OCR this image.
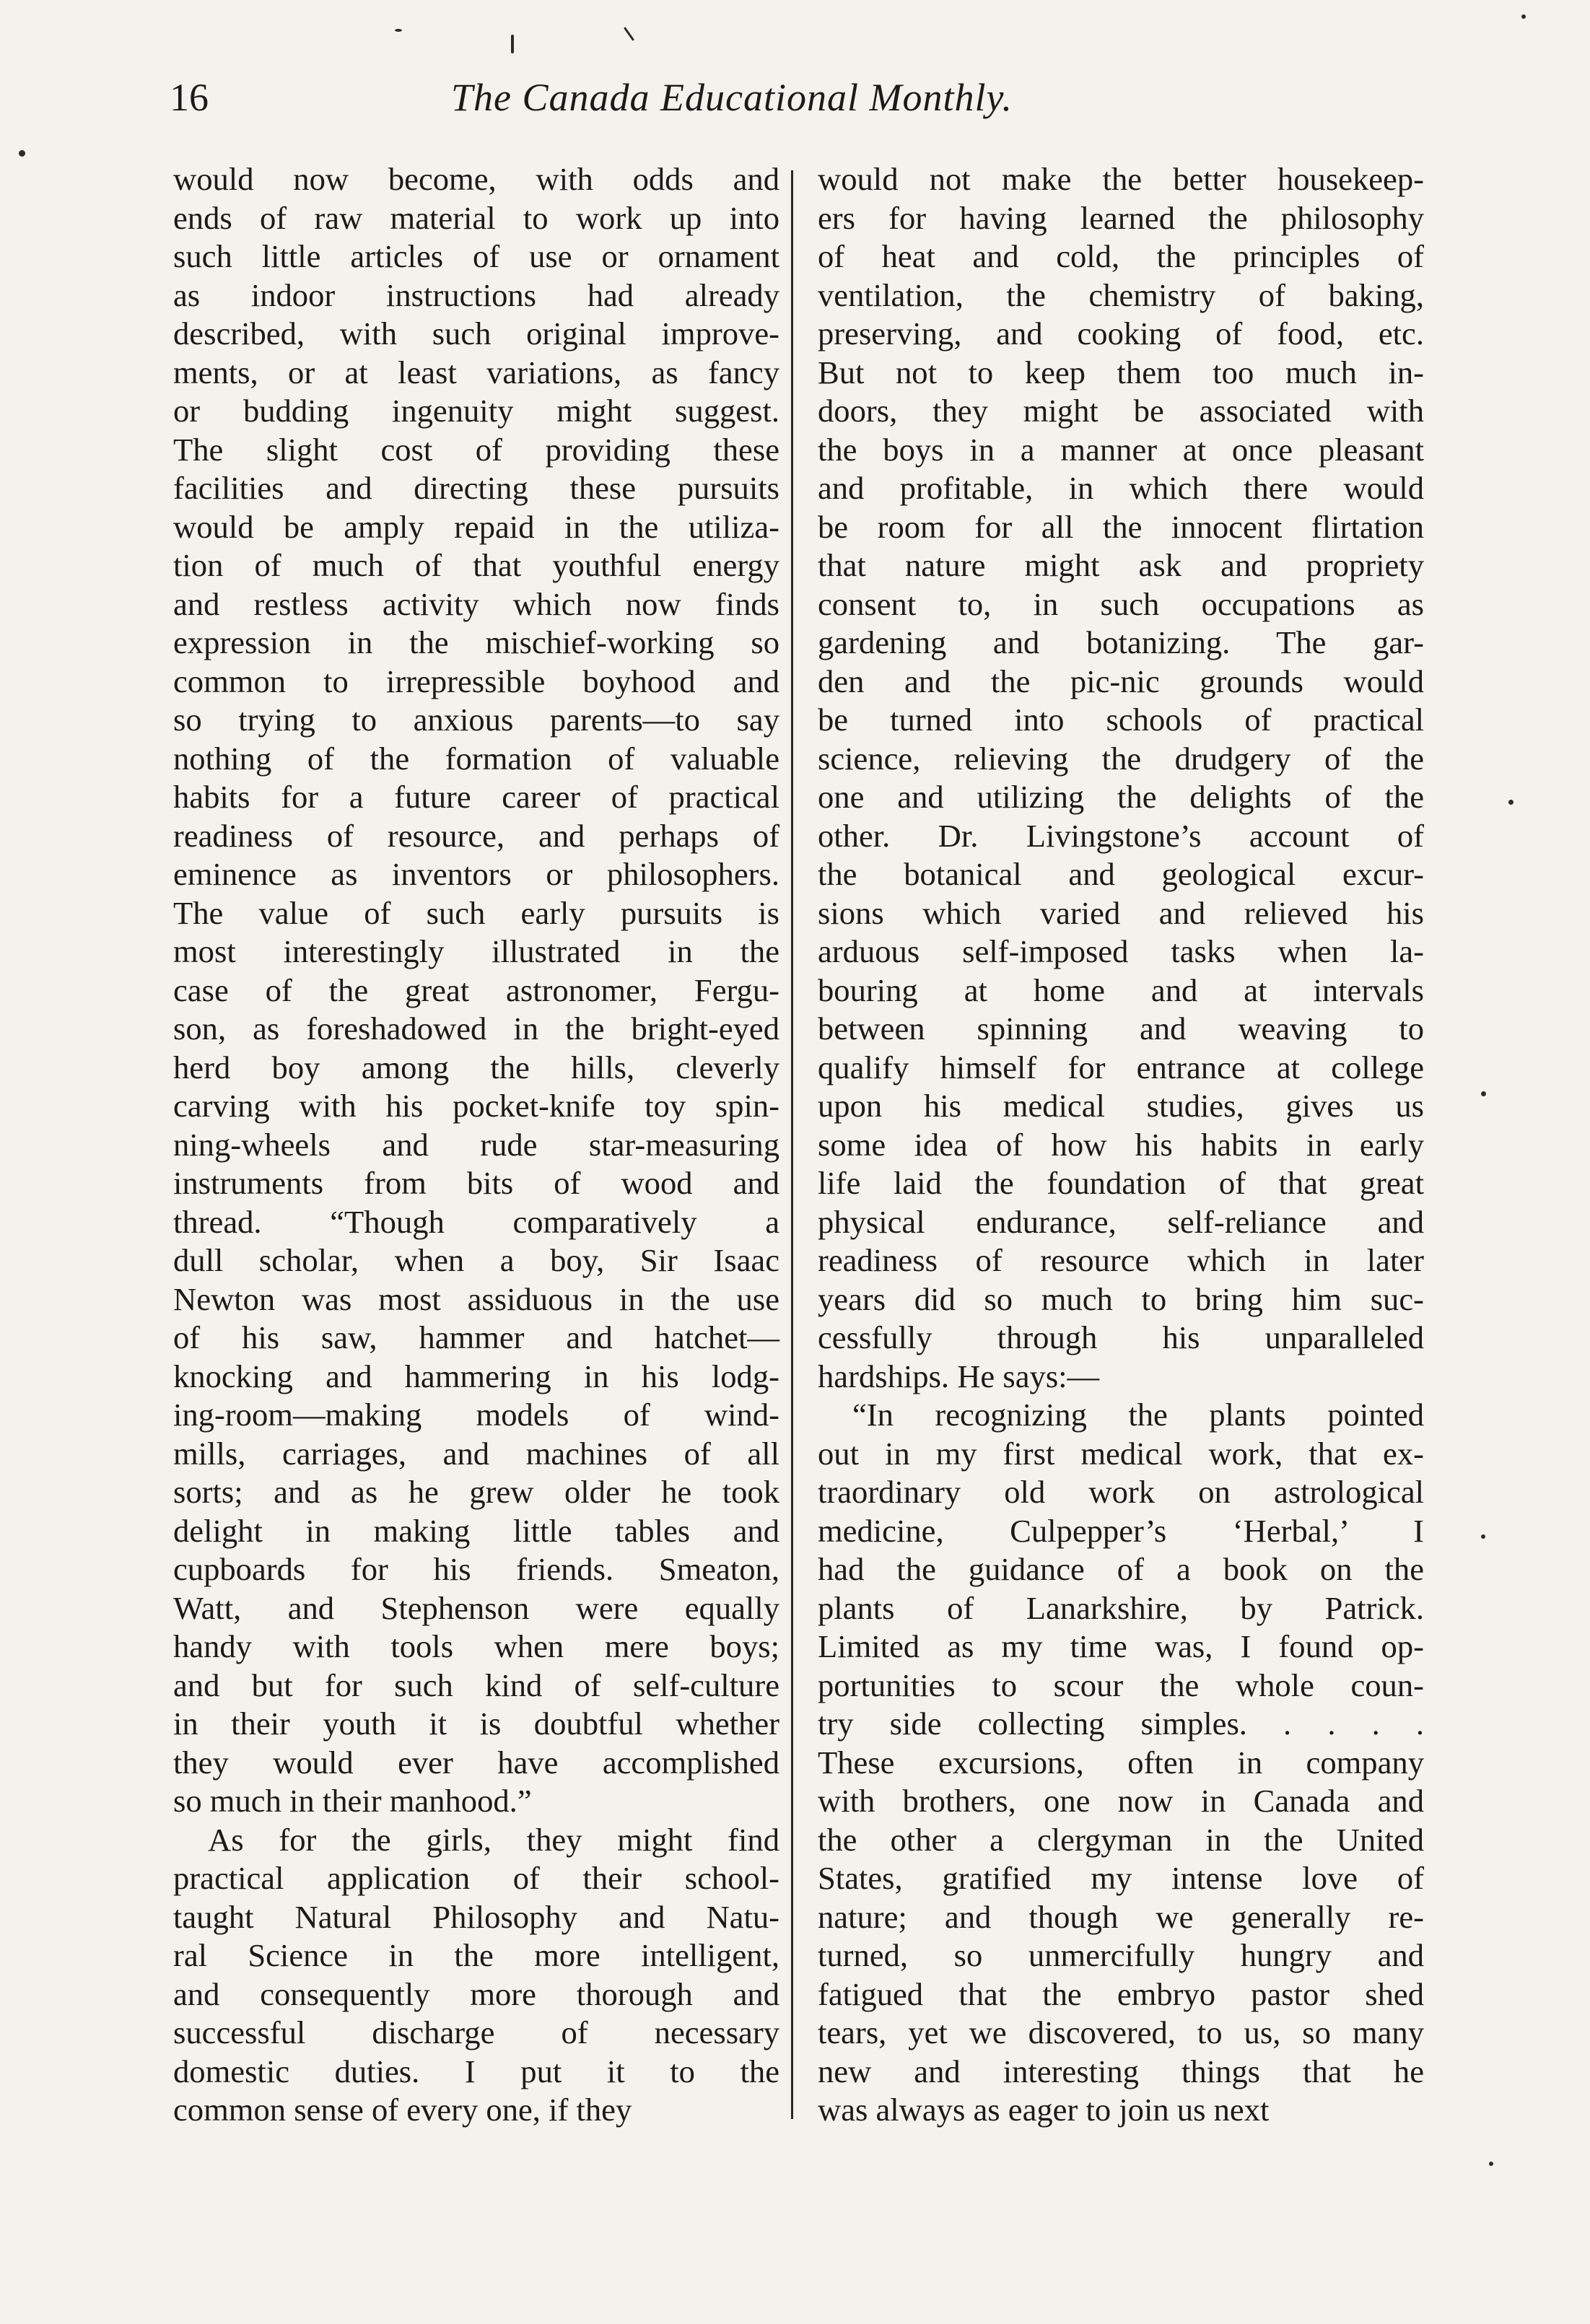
16	The Canada Educational Monthly.
would now become, with odds and
ends of raw material to work up into
such little articles of use or ornament
as indoor instructions had already
described, with such original improve-
ments, or at least variations, as fancy
or budding ingenuity might suggest.
The slight cost of providing these
facilities and directing these pursuits
would be amply repaid in the utiliza-
tion of much of that youthful energy
and restless activity which now finds
expression in the mischief-working so
common to irrepressible boyhood and
so trying to anxious parents—to say
nothing of the formation of valuable
habits for a future career of practical
readiness of resource, and perhaps of
eminence as inventors or philosophers.
The value of such early pursuits is
most interestingly illustrated in the
case of the great astronomer, Fergu-
son, as foreshadowed in the bright-eyed
herd boy among the hills, cleverly
carving with his pocket-knife toy spin-
ning-wheels and rude star-measuring
instruments from bits of wood and
thread. “Though comparatively a
dull scholar, when a boy, Sir Isaac
Newton was most assiduous in the use
of his saw, hammer and hatchet—
knocking and hammering in his lodg-
ing-room—making models of wind-
mills, carriages, and machines of all
sorts; and as he grew older he took
delight in making little tables and
cupboards for his friends. Smeaton,
Watt, and Stephenson were equally
handy with tools when mere boys;
and but for such kind of self-culture
in their youth it is doubtful whether
they would ever have accomplished
so much in their manhood.”
As for the girls, they might find
practical application of their school-
taught Natural Philosophy and Natu-
ral Science in the more intelligent,
and consequently more thorough and
successful discharge of necessary
domestic duties. I put it to the
common sense of every one, if they
would not make the better housekeep-
ers for having learned the philosophy
of heat and cold, the principles of
ventilation, the chemistry of baking,
preserving, and cooking of food, etc.
But not to keep them too much in-
doors, they might be associated with
the boys in a manner at once pleasant
and profitable, in which there would
be room for all the innocent flirtation
that nature might ask and propriety
consent to, in such occupations as
gardening and botanizing. The gar-
den and the pic-nic grounds would
be turned into schools of practical
science, relieving the drudgery of the
one and utilizing the delights of the
other. Dr. Livingstone’s account of
the botanical and geological excur-
sions which varied and relieved his
arduous self-imposed tasks when la-
bouring at home and at intervals
between spinning and weaving to
qualify himself for entrance at college
upon his medical studies, gives us
some idea of how his habits in early
life laid the foundation of that great
physical endurance, self-reliance and
readiness of resource which in later
years did so much to bring him suc-
cessfully through his unparalleled
hardships. He says:—
“In recognizing the plants pointed
out in my first medical work, that ex-
traordinary old work on astrological
medicine, Culpepper’s ‘Herbal,’ I
had the guidance of a book on the
plants of Lanarkshire, by Patrick.
Limited as my time was, I found op-
portunities to scour the whole coun-
try side collecting simples. . . . .
These excursions, often in company
with brothers, one now in Canada and
the other a clergyman in the United
States, gratified my intense love of
nature; and though we generally re-
turned, so unmercifully hungry and
fatigued that the embryo pastor shed
tears, yet we discovered, to us, so many
new and interesting things that he
was always as eager to join us next
